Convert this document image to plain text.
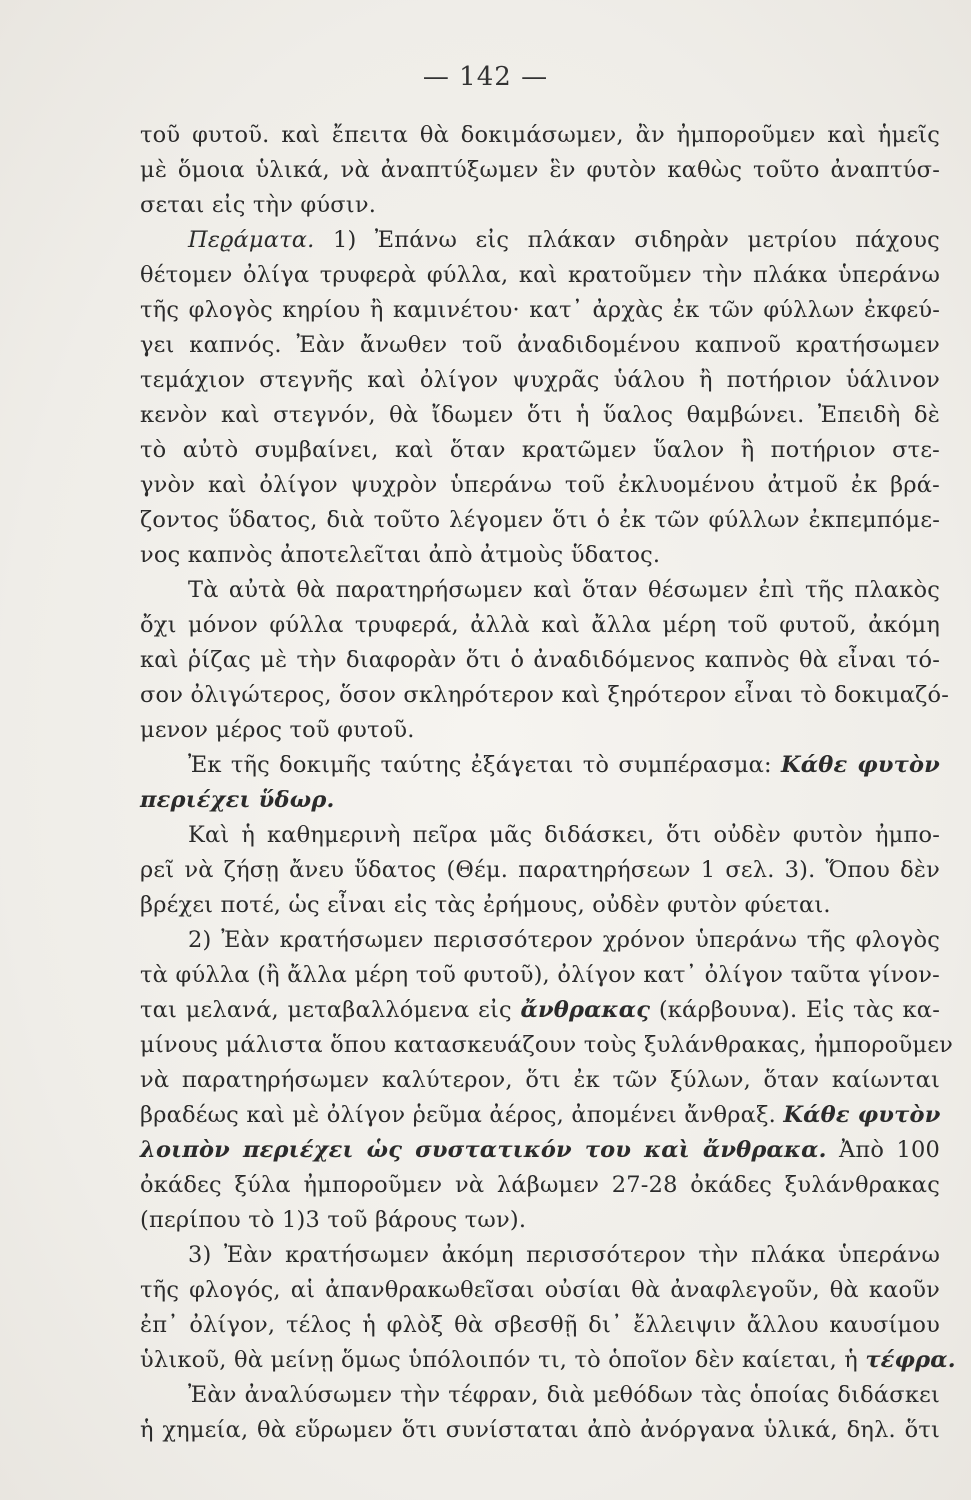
— 142 —
τοῦ φυτοῦ. καὶ ἔπειτα θὰ δοκιμάσωμεν, ἂν ἠμποροῦμεν καὶ ἡμεῖς
μὲ ὅμοια ὑλικά, νὰ ἀναπτύξωμεν ἓν φυτὸν καθὼς τοῦτο ἀναπτύσ-
σεται εἰς τὴν φύσιν.
Πεϱάματα. 1) Ἐπάνω εἰς πλάκαν σιδηρὰν μετρίου πάχους
θέτομεν ὀλίγα τρυφερὰ φύλλα, καὶ κρατοῦμεν τὴν πλάκα ὑπεράνω
τῆς φλογὸς κηρίου ἢ καμινέτου· κατ᾽ ἀρχὰς ἐκ τῶν φύλλων ἐκφεύ-
γει καπνός. Ἐὰν ἄνωθεν τοῦ ἀναδιδομένου καπνοῦ κρατήσωμεν
τεμάχιον στεγνῆς καὶ ὀλίγον ψυχρᾶς ὑάλου ἢ ποτήριον ὑάλινον
κενὸν καὶ στεγνόν, θὰ ἴδωμεν ὅτι ἡ ὕαλος θαμβώνει. Ἐπειδὴ δὲ
τὸ αὐτὸ συμβαίνει, καὶ ὅταν κρατῶμεν ὕαλον ἢ ποτήριον στε-
γνὸν καὶ ὀλίγον ψυχρὸν ὑπεράνω τοῦ ἐκλυομένου ἀτμοῦ ἐκ βρά-
ζοντος ὕδατος, διὰ τοῦτο λέγομεν ὅτι ὁ ἐκ τῶν φύλλων ἐκπεμπόμε-
νος καπνὸς ἀποτελεῖται ἀπὸ ἀτμοὺς ὕδατος.
Τὰ αὐτὰ θὰ παρατηρήσωμεν καὶ ὅταν θέσωμεν ἐπὶ τῆς πλακὸς
ὄχι μόνον φύλλα τρυφερά, ἀλλὰ καὶ ἄλλα μέρη τοῦ φυτοῦ, ἀκόμη
καὶ ῥίζας μὲ τὴν διαφορὰν ὅτι ὁ ἀναδιδόμενος καπνὸς θὰ εἶναι τό-
σον ὀλιγώτερος, ὅσον σκληρότερον καὶ ξηρότερον εἶναι τὸ δοκιμαζό-
μενον μέρος τοῦ φυτοῦ.
Ἐκ τῆς δοκιμῆς ταύτης ἐξάγεται τὸ συμπέρασμα: Κάθε φυτὸν
περιέχει ὕδωρ.
Καὶ ἡ καθημερινὴ πεῖρα μᾶς διδάσκει, ὅτι οὐδὲν φυτὸν ἠμπο-
ρεῖ νὰ ζήσῃ ἄνευ ὕδατος (Θέμ. παρατηρήσεων 1 σελ. 3). Ὅπου δὲν
βρέχει ποτέ, ὡς εἶναι εἰς τὰς ἐρήμους, οὐδὲν φυτὸν φύεται.
2) Ἐὰν κρατήσωμεν περισσότερον χρόνον ὑπεράνω τῆς φλογὸς
τὰ φύλλα (ἢ ἄλλα μέρη τοῦ φυτοῦ), ὀλίγον κατ᾽ ὀλίγον ταῦτα γίνον-
ται μελανά, μεταβαλλόμενα εἰς ἄνθρακας (κάρβουνα). Εἰς τὰς κα-
μίνους μάλιστα ὅπου κατασκευάζουν τοὺς ξυλάνθρακας, ἠμποροῦμεν
νὰ παρατηρήσωμεν καλύτερον, ὅτι ἐκ τῶν ξύλων, ὅταν καίωνται
βραδέως καὶ μὲ ὀλίγον ῥεῦμα ἀέρος, ἀπομένει ἄνθραξ. Κάθε φυτὸν
λοιπὸν περιέχει ὡς συστατικόν του καὶ ἄνθρακα. Ἀπὸ 100
ὀκάδες ξύλα ἠμποροῦμεν νὰ λάβωμεν 27-28 ὀκάδες ξυλάνθρακας
(περίπου τὸ 1)3 τοῦ βάρους των).
3) Ἐὰν κρατήσωμεν ἀκόμη περισσότερον τὴν πλάκα ὑπεράνω
τῆς φλογός, αἱ ἀπανθρακωθεῖσαι οὐσίαι θὰ ἀναφλεγοῦν, θὰ καοῦν
ἐπ᾽ ὀλίγον, τέλος ἡ φλὸξ θὰ σβεσθῇ δι᾽ ἔλλειψιν ἄλλου καυσίμου
ὑλικοῦ, θὰ μείνῃ ὅμως ὑπόλοιπόν τι, τὸ ὁποῖον δὲν καίεται, ἡ τέφρα.
Ἐὰν ἀναλύσωμεν τὴν τέφραν, διὰ μεθόδων τὰς ὁποίας διδάσκει
ἡ χημεία, θὰ εὕρωμεν ὅτι συνίσταται ἀπὸ ἀνόργανα ὑλικά, δηλ. ὅτι
